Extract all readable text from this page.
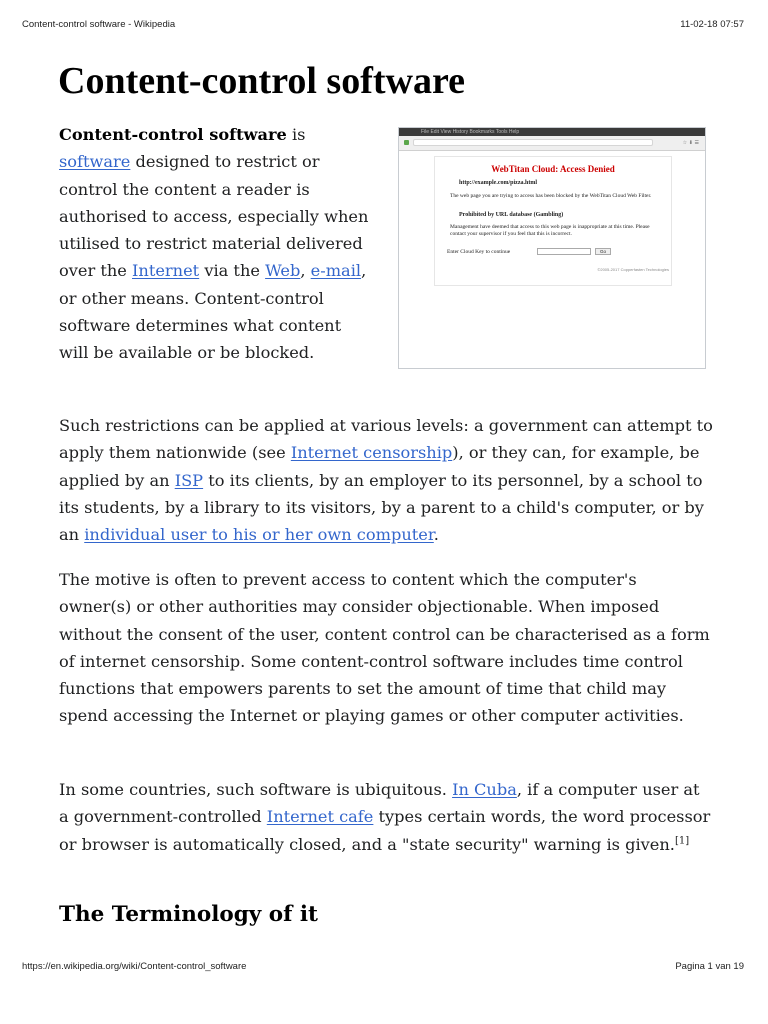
Content-control software - Wikipedia	11-02-18 07:57
Content-control software

Content-control software is software designed to restrict or control the content a reader is authorised to access, especially when utilised to restrict material delivered over the Internet via the Web, e-mail, or other means. Content-control software determines what content will be available or be blocked.

File Edit View History Bookmarks Tools Help
☆ ⬇ ☰
WebTitan Cloud: Access Denied
http://example.com/pizza.html
The web page you are trying to access has been blocked by the WebTitan Cloud Web Filter.
Prohibited by URL database (Gambling)
Management have deemed that access to this web page is inappropriate at this time. Please contact your supervisor if you feel that this is incorrect.
Enter Cloud Key to continue	Go
©2005-2017 Copperfasten Technologies

Such restrictions can be applied at various levels: a government can attempt to apply them nationwide (see Internet censorship), or they can, for example, be applied by an ISP to its clients, by an employer to its personnel, by a school to its students, by a library to its visitors, by a parent to a child's computer, or by an individual user to his or her own computer.

The motive is often to prevent access to content which the computer's owner(s) or other authorities may consider objectionable. When imposed without the consent of the user, content control can be characterised as a form of internet censorship. Some content-control software includes time control functions that empowers parents to set the amount of time that child may spend accessing the Internet or playing games or other computer activities.

In some countries, such software is ubiquitous. In Cuba, if a computer user at a government-controlled Internet cafe types certain words, the word processor or browser is automatically closed, and a "state security" warning is given.[1]

The Terminology of it
https://en.wikipedia.org/wiki/Content-control_software	Pagina 1 van 19
